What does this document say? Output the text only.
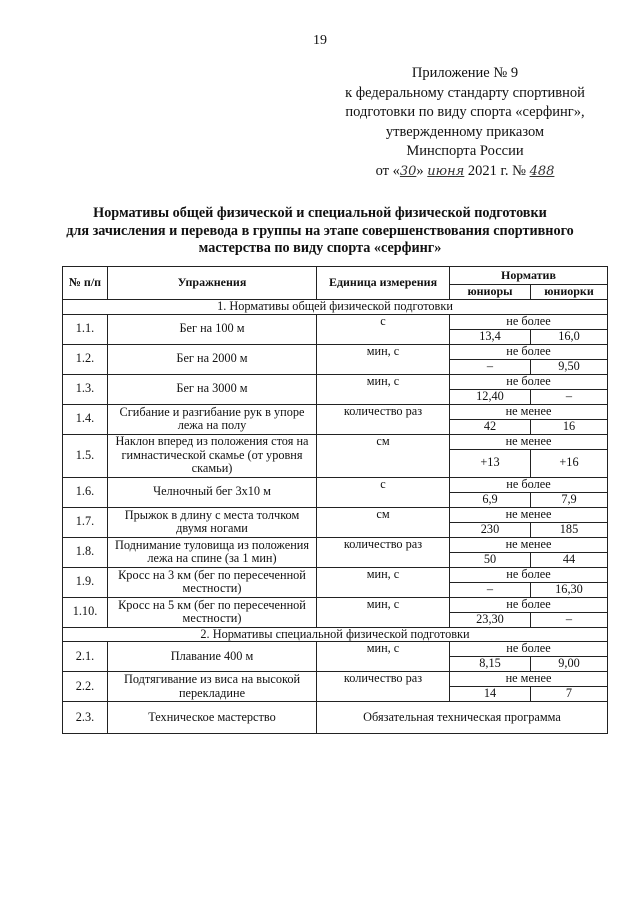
19
Приложение № 9
к федеральному стандарту спортивной
подготовки по виду спорта «серфинг»,
утвержденному приказом
Минспорта России
от «30» июня 2021 г. № 488
Нормативы общей физической и специальной физической подготовки
для зачисления и перевода в группы на этапе совершенствования спортивного
мастерства по виду спорта «серфинг»
№ п/п	Упражнения	Единица измерения	Норматив	
			юниоры	юниорки
1. Нормативы общей физической подготовки				
1.1.	Бег на 100 м	с	не более	
			13,4	16,0
1.2.	Бег на 2000 м	мин, с	не более	
			–	9,50
1.3.	Бег на 3000 м	мин, с	не более	
			12,40	–
1.4.	Сгибание и разгибание рук в упоре лежа на полу	количество раз	не менее	
			42	16
1.5.	Наклон вперед из положения стоя на гимнастической скамье (от уровня скамьи)	см	не менее	
			+13	+16
1.6.	Челночный бег 3х10 м	с	не более	
			6,9	7,9
1.7.	Прыжок в длину с места толчком двумя ногами	см	не менее	
			230	185
1.8.	Поднимание туловища из положения лежа на спине (за 1 мин)	количество раз	не менее	
			50	44
1.9.	Кросс на 3 км (бег по пересеченной местности)	мин, с	не более	
			–	16,30
1.10.	Кросс на 5 км (бег по пересеченной местности)	мин, с	не более	
			23,30	–
2. Нормативы специальной физической подготовки				
2.1.	Плавание 400 м	мин, с	не более	
			8,15	9,00
2.2.	Подтягивание из виса на высокой перекладине	количество раз	не менее	
			14	7
2.3.	Техническое мастерство	Обязательная техническая программа		
